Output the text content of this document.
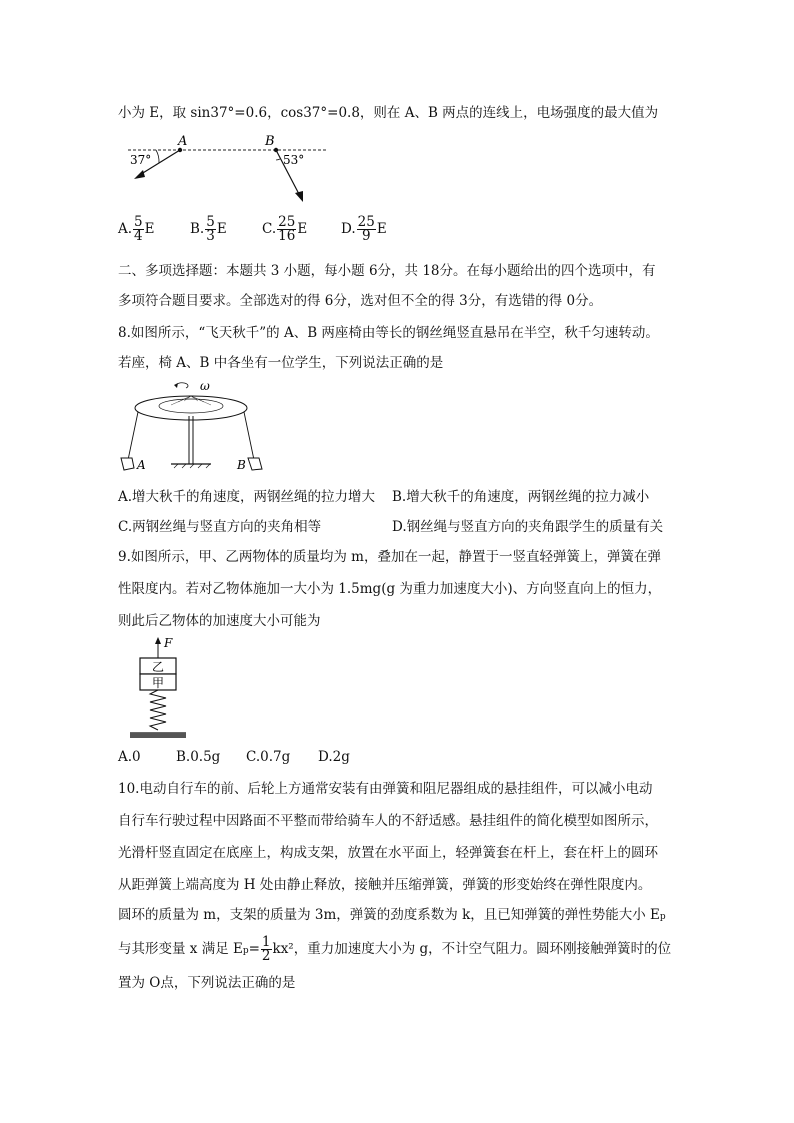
小为 E，取 sin37°=0.6，cos37°=0.8，则在 A、B 两点的连线上，电场强度的最大值为
A	B
37°	53°
A. $\frac{5}{4}$ E	B. $\frac{5}{3}$ E	C. $\frac{25}{16}$ E	D. $\frac{25}{9}$ E
二、多项选择题：本题共 3 小题，每小题 6分，共 18分。在每小题给出的四个选项中，有
多项符合题目要求。全部选对的得 6分，选对但不全的得 3分，有选错的得 0分。
8.如图所示，“飞天秋千”的 A、B 两座椅由等长的钢丝绳竖直悬吊在半空，秋千匀速转动。
若座，椅 A、B 中各坐有一位学生，下列说法正确的是
ω
A	B
A.增大秋千的角速度，两钢丝绳的拉力增大 B.增大秋千的角速度，两钢丝绳的拉力减小
C.两钢丝绳与竖直方向的夹角相等	D.钢丝绳与竖直方向的夹角跟学生的质量有关
9.如图所示，甲、乙两物体的质量均为 m，叠加在一起，静置于一竖直轻弹簧上，弹簧在弹
性限度内。若对乙物体施加一大小为 1.5mg(g 为重力加速度大小)、方向竖直向上的恒力，
则此后乙物体的加速度大小可能为
F
乙
甲
A.0	B.0.5g C.0.7g D.2g
10.电动自行车的前、后轮上方通常安装有由弹簧和阻尼器组成的悬挂组件，可以减小电动
自行车行驶过程中因路面不平整而带给骑车人的不舒适感。悬挂组件的简化模型如图所示，
光滑杆竖直固定在底座上，构成支架，放置在水平面上，轻弹簧套在杆上，套在杆上的圆环
从距弹簧上端高度为 H 处由静止释放，接触并压缩弹簧，弹簧的形变始终在弹性限度内。
圆环的质量为 m，支架的质量为 3m，弹簧的劲度系数为 k，且已知弹簧的弹性势能大小 Ep
与其形变量 x 满足 $Ep= \frac{1}{2} kx^2$，重力加速度大小为 g，不计空气阻力。圆环刚接触弹簧时的位
置为 O点，下列说法正确的是
